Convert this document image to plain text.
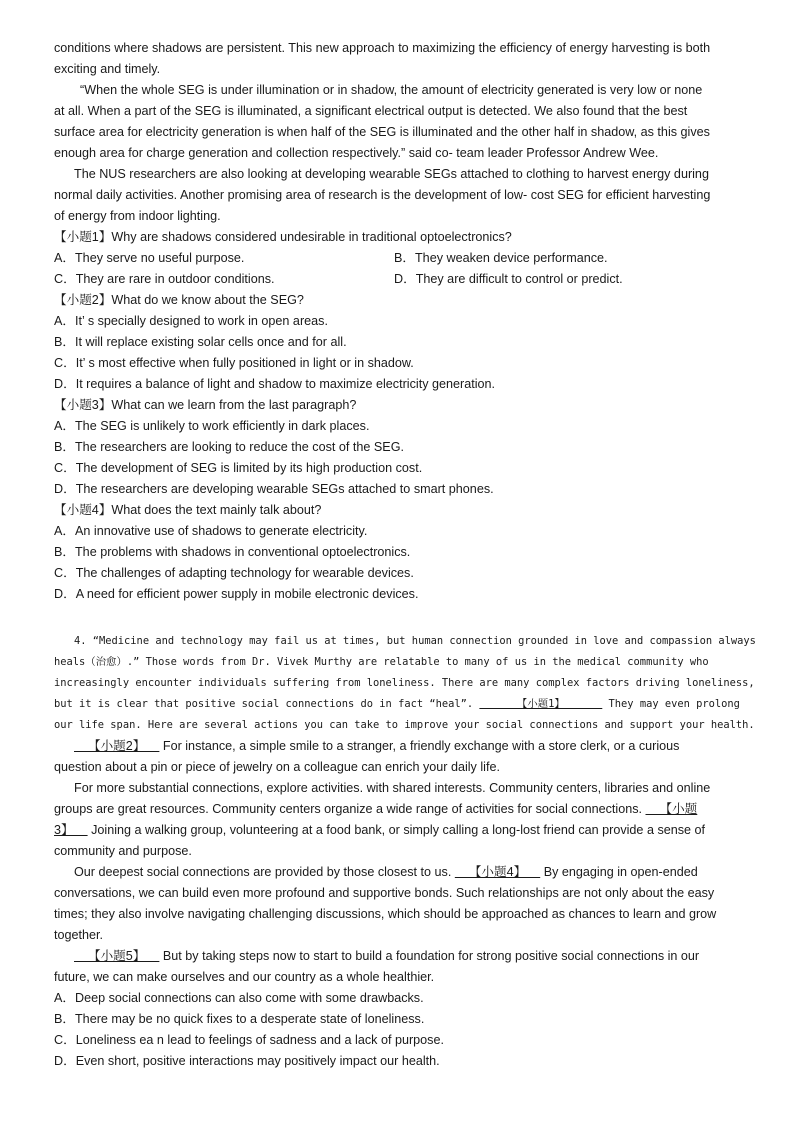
conditions where shadows are persistent. This new approach to maximizing the efficiency of energy harvesting is both
exciting and timely.
“When the whole SEG is under illumination or in shadow, the amount of electricity generated is very low or none
at all. When a part of the SEG is illuminated, a significant electrical output is detected. We also found that the best
surface area for electricity generation is when half of the SEG is illuminated and the other half in shadow, as this gives
enough area for charge generation and collection respectively.” said co- team leader Professor Andrew Wee.
The NUS researchers are also looking at developing wearable SEGs attached to clothing to harvest energy during
normal daily activities. Another promising area of research is the development of low- cost SEG for efficient harvesting
of energy from indoor lighting.
【小题1】Why are shadows considered undesirable in traditional optoelectronics?
A．They serve no useful purpose.	B．They weaken device performance.
C．They are rare in outdoor conditions.	D．They are difficult to control or predict.
【小题2】What do we know about the SEG?
A．It’ s specially designed to work in open areas.
B．It will replace existing solar cells once and for all.
C．It’ s most effective when fully positioned in light or in shadow.
D．It requires a balance of light and shadow to maximize electricity generation.
【小题3】What can we learn from the last paragraph?
A．The SEG is unlikely to work efficiently in dark places.
B．The researchers are looking to reduce the cost of the SEG.
C．The development of SEG is limited by its high production cost.
D．The researchers are developing wearable SEGs attached to smart phones.
【小题4】What does the text mainly talk about?
A．An innovative use of shadows to generate electricity.
B．The problems with shadows in conventional optoelectronics.
C．The challenges of adapting technology for wearable devices.
D．A need for efficient power supply in mobile electronic devices.
4. “Medicine and technology may fail us at times, but human connection grounded in love and compassion always
heals（治愈）.” Those words from Dr. Vivek Murthy are relatable to many of us in the medical community who
increasingly encounter individuals suffering from loneliness. There are many complex factors driving loneliness,
but it is clear that positive social connections do in fact “heal”.       【小题1】       They may even prolong
our life span. Here are several actions you can take to improve your social connections and support your health.
【小题2】     For instance, a simple smile to a stranger, a friendly exchange with a store clerk, or a curious
question about a pin or piece of jewelry on a colleague can enrich your daily life.
For more substantial connections, explore activities. with shared interests. Community centers, libraries and online
groups are great resources. Community centers organize a wide range of activities for social connections.     【小题
3】     Joining a walking group, volunteering at a food bank, or simply calling a long-lost friend can provide a sense of
community and purpose.
Our deepest social connections are provided by those closest to us.     【小题4】     By engaging in open-ended
conversations, we can build even more profound and supportive bonds. Such relationships are not only about the easy
times; they also involve navigating challenging discussions, which should be approached as chances to learn and grow
together.
【小题5】     But by taking steps now to start to build a foundation for strong positive social connections in our
future, we can make ourselves and our country as a whole healthier.
A．Deep social connections can also come with some drawbacks.
B．There may be no quick fixes to a desperate state of loneliness.
C．Loneliness ea n lead to feelings of sadness and a lack of purpose.
D．Even short, positive interactions may positively impact our health.
